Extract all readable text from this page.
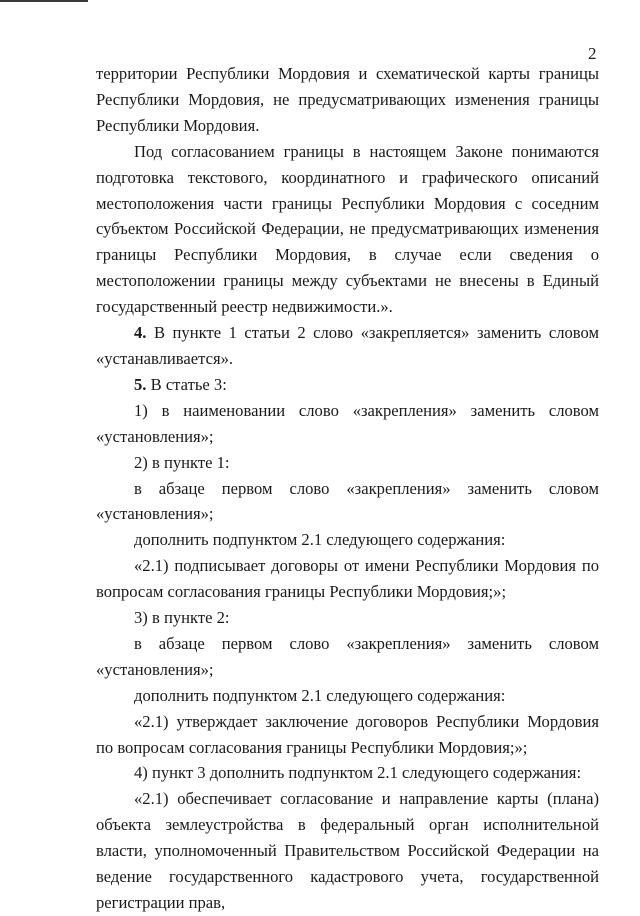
2

территории Республики Мордовия и схематической карты границы Республики Мордовия, не предусматривающих изменения границы Республики Мордовия.

Под согласованием границы в настоящем Законе понимаются подготовка текстового, координатного и графического описаний местоположения части границы Республики Мордовия с соседним субъектом Российской Федерации, не предусматривающих изменения границы Республики Мордовия, в случае если сведения о местоположении границы между субъектами не внесены в Единый государственный реестр недвижимости.».

4. В пункте 1 статьи 2 слово «закрепляется» заменить словом «устанавливается».

5. В статье 3:

1) в наименовании слово «закрепления» заменить словом «установления»;

2) в пункте 1:

в абзаце первом слово «закрепления» заменить словом «установления»;

дополнить подпунктом 2.1 следующего содержания:

«2.1) подписывает договоры от имени Республики Мордовия по вопросам согласования границы Республики Мордовия;»;

3) в пункте 2:

в абзаце первом слово «закрепления» заменить словом «установления»;

дополнить подпунктом 2.1 следующего содержания:

«2.1) утверждает заключение договоров Республики Мордовия по вопросам согласования границы Республики Мордовия;»;

4) пункт 3 дополнить подпунктом 2.1 следующего содержания:

«2.1) обеспечивает согласование и направление карты (плана) объекта землеустройства в федеральный орган исполнительной власти, уполномоченный Правительством Российской Федерации на ведение государственного кадастрового учета, государственной регистрации прав,
